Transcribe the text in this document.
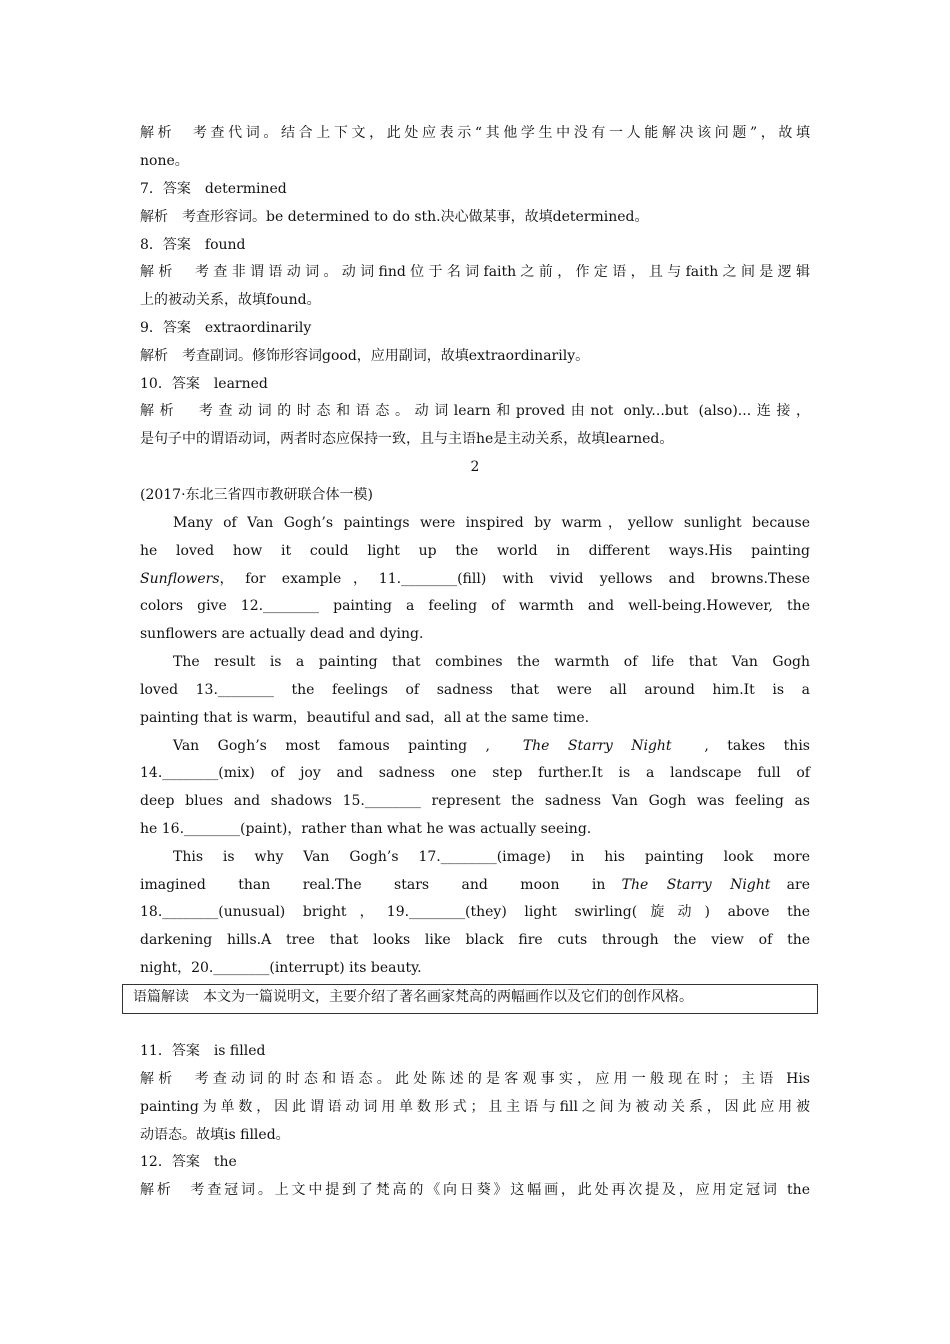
解析　考查代词。结合上下文，此处应表示“其他学生中没有一人能解决该问题”，故填
none。
7．答案　determined
解析　考查形容词。be determined to do sth.决心做某事，故填determined。
8．答案　found
解析　考查非谓语动词。动词find位于名词faith之前，作定语，且与faith之间是逻辑
上的被动关系，故填found。
9．答案　extraordinarily
解析　考查副词。修饰形容词good，应用副词，故填extraordinarily。
10．答案　learned
解析　考查动词的时态和语态。动词learn和proved由not only...but (also)...连接，
是句子中的谓语动词，两者时态应保持一致，且与主语he是主动关系，故填learned。
2
(2017·东北三省四市教研联合体一模)
Many of Van Gogh’s paintings were inspired by warm，yellow sunlight because
he loved how it could light up the world in different ways.His painting
Sunflowers ，for example，11.________(fill) with vivid yellows and browns.These
colors give 12.________ painting a feeling of warmth and well-being.However, the
sunflowers are actually dead and dying.
The result is a painting that combines the warmth of life that Van Gogh
loved 13.________ the feelings of sadness that were all around him.It is a
painting that is warm，beautiful and sad，all at the same time.
Van Gogh’s most famous painting , The Starry Night , takes this
14.________(mix) of joy and sadness one step further.It is a landscape full of
deep blues and shadows 15.________ represent the sadness Van Gogh was feeling as
he 16.________(paint)，rather than what he was actually seeing.
This is why Van Gogh’s 17.________(image) in his painting look more
imagined than real.The stars and moon in The Starry Night are
18.________(unusual) bright，19.________(they) light swirling(旋动) above the
darkening hills.A tree that looks like black fire cuts through the view of the
night，20.________(interrupt) its beauty.
语篇解读　本文为一篇说明文，主要介绍了著名画家梵高的两幅画作以及它们的创作风格。
11．答案　is filled
解析　考查动词的时态和语态。此处陈述的是客观事实，应用一般现在时；主语 His
painting为单数，因此谓语动词用单数形式；且主语与fill之间为被动关系，因此应用被
动语态。故填is filled。
12．答案　the
解析　考查冠词。上文中提到了梵高的《向日葵》这幅画，此处再次提及，应用定冠词 the
